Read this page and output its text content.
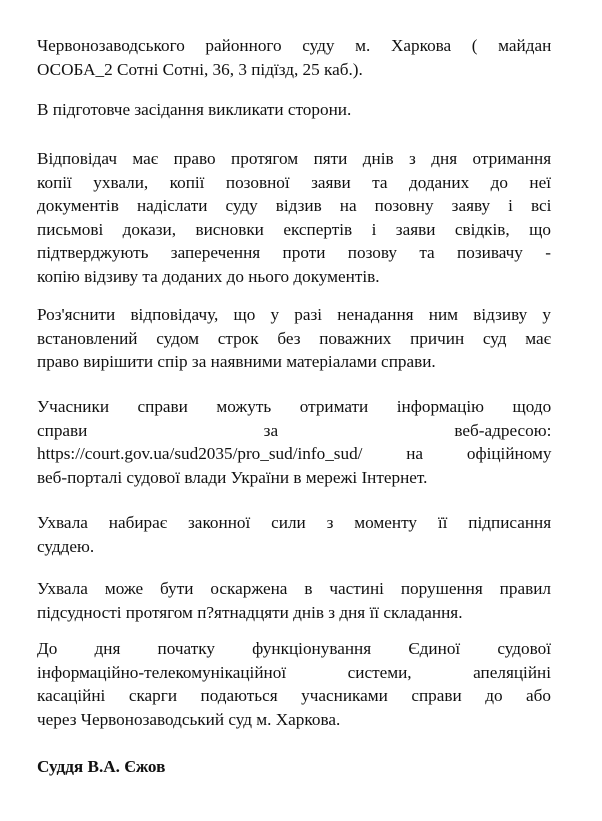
Червонозаводського районного суду м. Харкова ( майдан
ОСОБА_2 Сотні Сотні, 36, 3 підїзд, 25 каб.).
В підготовче засідання викликати сторони.
Відповідач має право протягом пяти днів з дня отримання
копії ухвали, копії позовної заяви та доданих до неї
документів надіслати суду відзив на позовну заяву і всі
письмові докази, висновки експертів і заяви свідків, що
підтверджують заперечення проти позову та позивачу -
копію відзиву та доданих до нього документів.
Роз'яснити відповідачу, що у разі ненадання ним відзиву у
встановлений судом строк без поважних причин суд має
право вирішити спір за наявними матеріалами справи.
Учасники справи можуть отримати інформацію щодо
справи за веб-адресою:
https://court.gov.ua/sud2035/pro_sud/info_sud/ на офіційному
веб-порталі судової влади України в мережі Інтернет.
Ухвала набирає законної сили з моменту її підписання
суддею.
Ухвала може бути оскаржена в частині порушення правил
підсудності протягом п?ятнадцяти днів з дня її складання.
До дня початку функціонування Єдиної судової
інформаційно-телекомунікаційної системи, апеляційні
касаційні скарги подаються учасниками справи до або
через Червонозаводський суд м. Харкова.
Суддя В.А. Єжов
